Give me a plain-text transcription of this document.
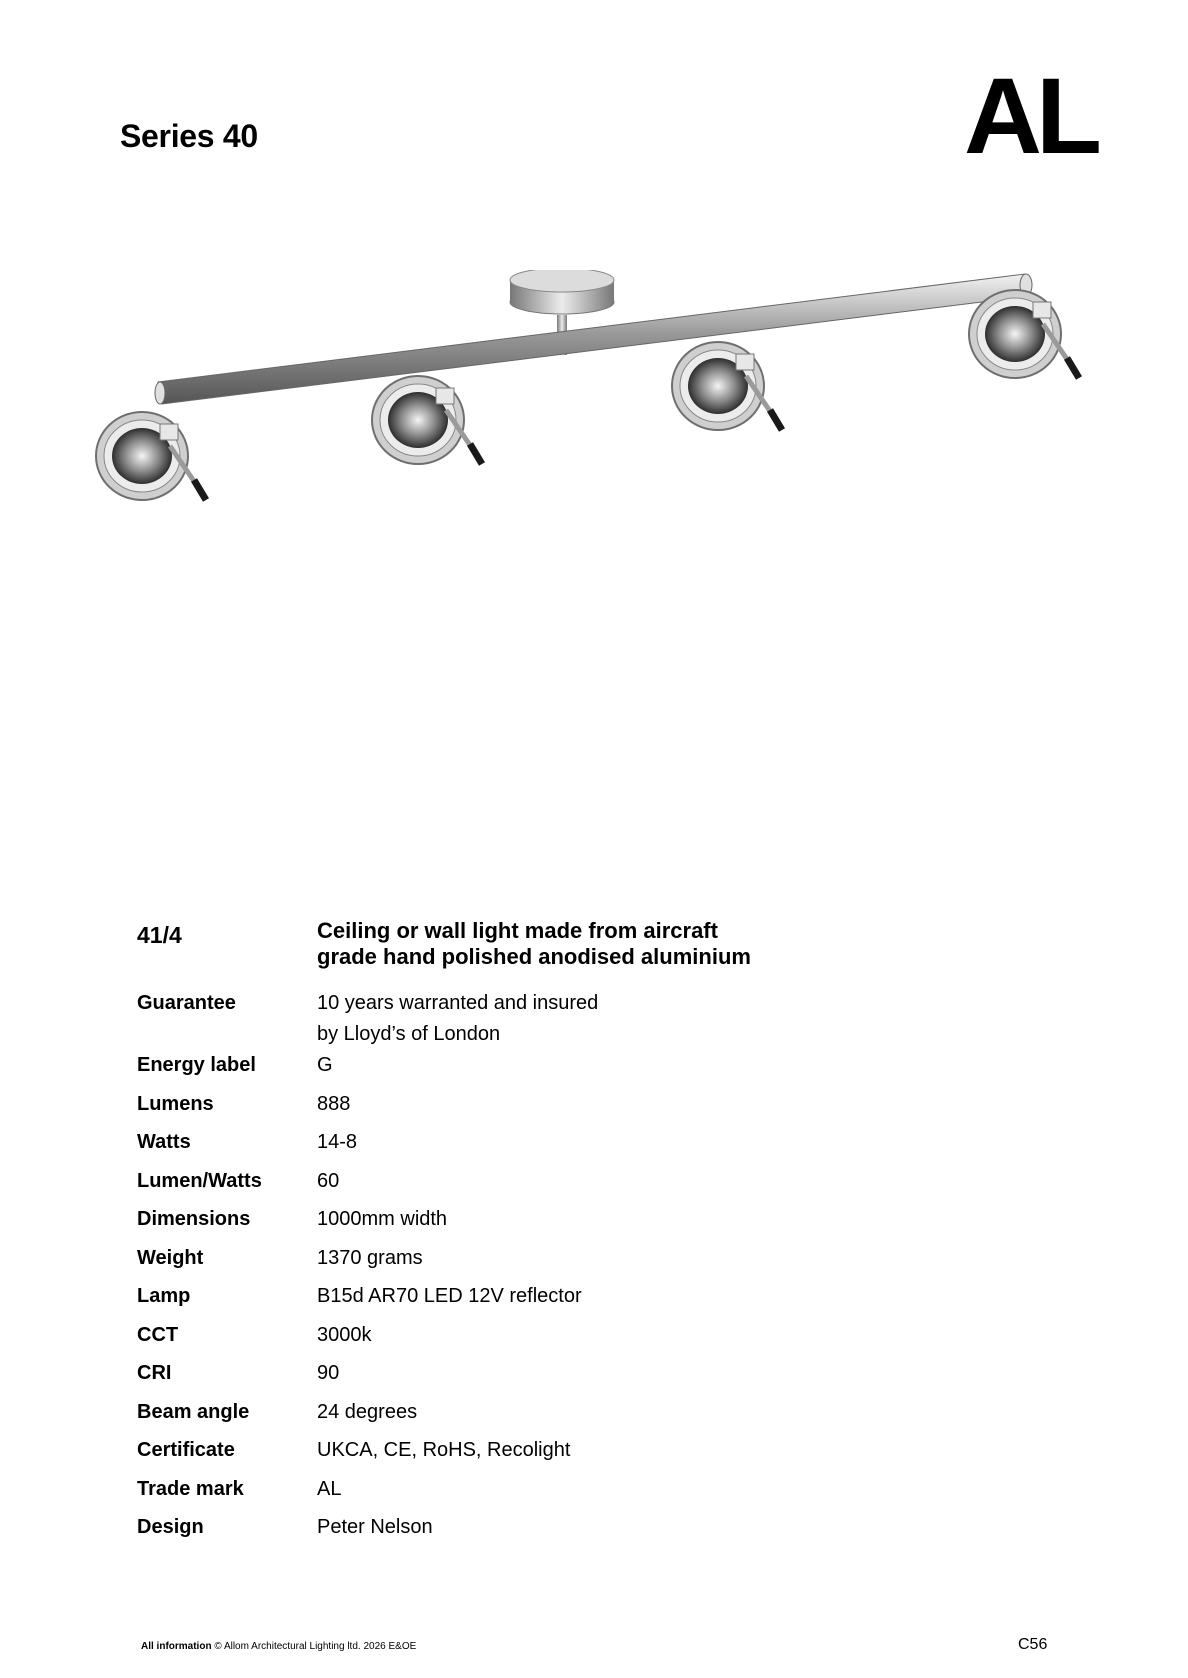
Series 40	AL
41/4	Ceiling or wall light made from aircraft grade hand polished anodised aluminium
Guarantee	10 years warranted and insured
by Lloyd’s of London
Energy label	G
Lumens	888
Watts	14-8
Lumen/Watts	60
Dimensions	1000mm width
Weight	1370 grams
Lamp	B15d AR70 LED 12V reflector
CCT	3000k
CRI	90
Beam angle	24 degrees
Certificate	UKCA, CE, RoHS, Recolight
Trade mark	AL
Design	Peter Nelson
All information © Allom Architectural Lighting ltd. 2026 E&OE	C56
